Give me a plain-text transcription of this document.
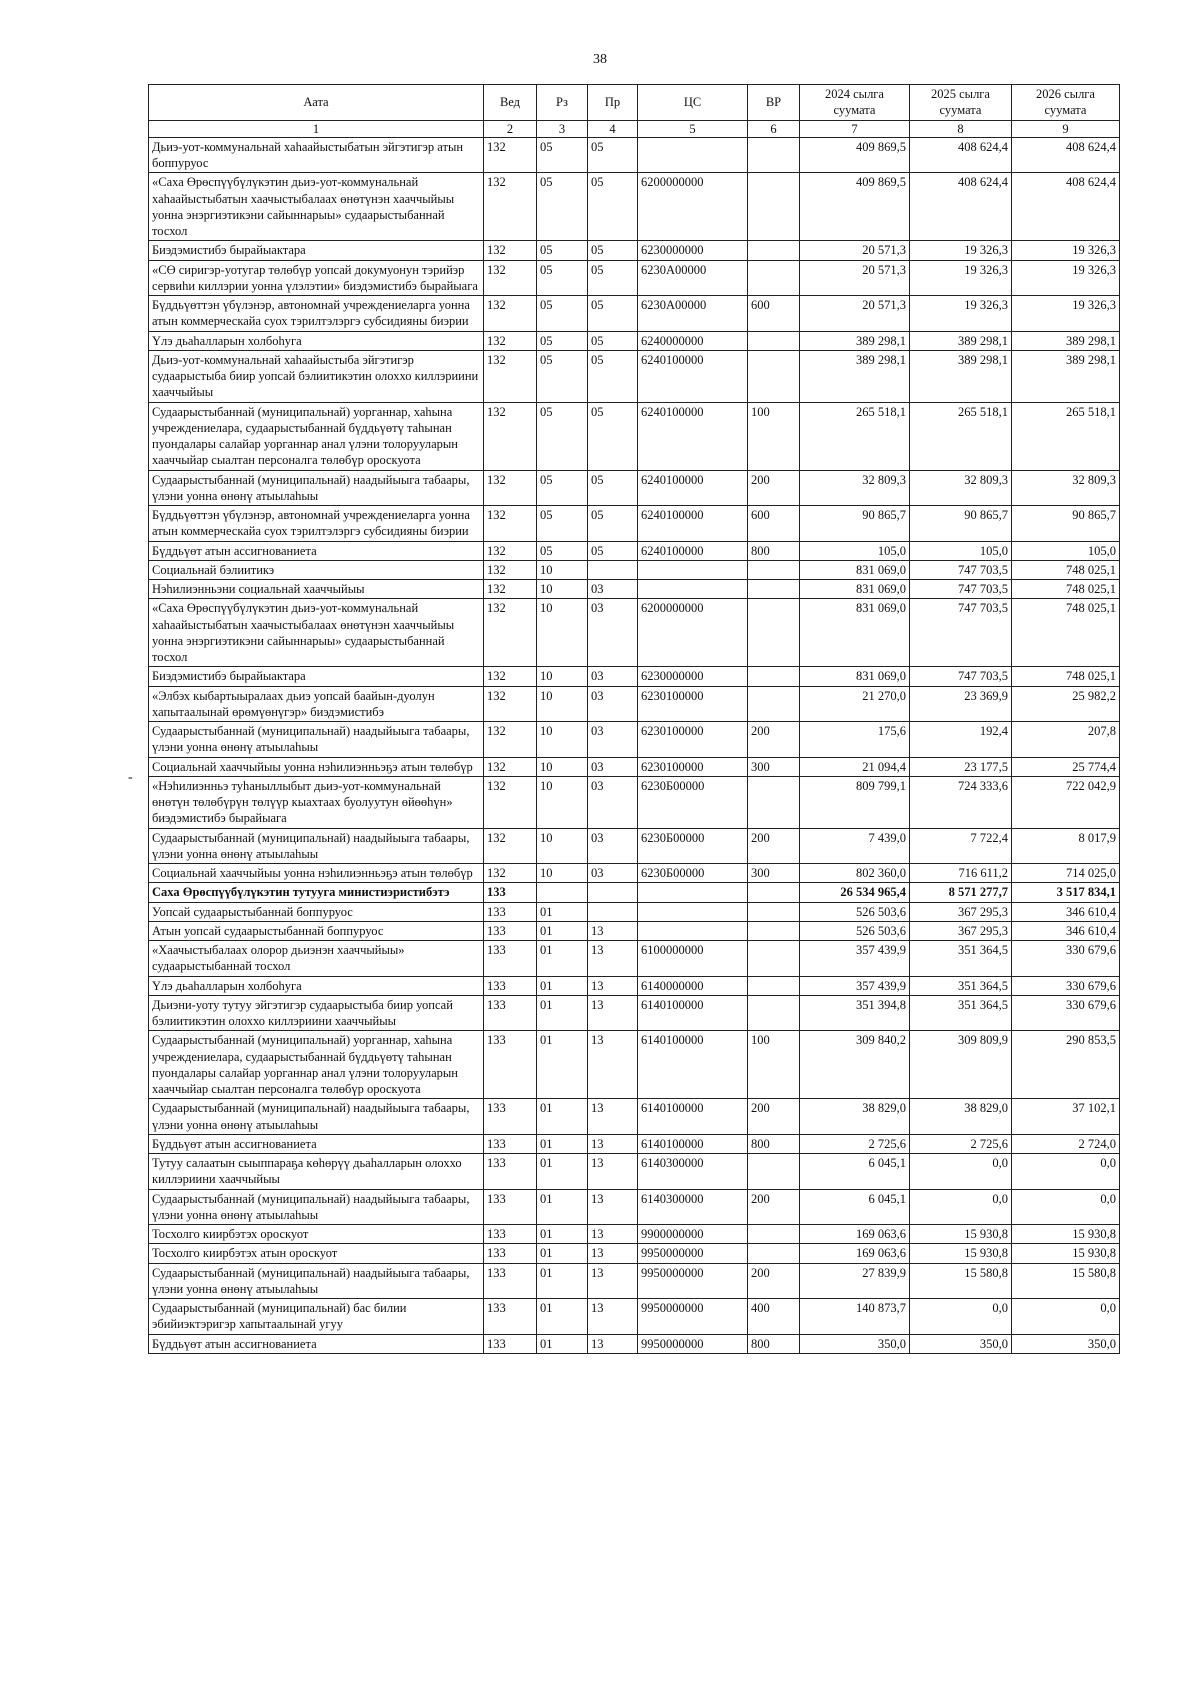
38
-
Аата	Вед	Рз	Пр	ЦС	ВР	2024 сылга суумата	2025 сылга суумата	2026 сылга суумата
1	2	3	4	5	6	7	8	9
Дьиэ-уот-коммунальнай хаһаайыстыбатын эйгэтигэр атын боппуруос	132	05	05			409 869,5	408 624,4	408 624,4
«Саха Өрөспүүбүлүкэтин дьиэ-уот-коммунальнай хаһаайыстыбатын хаачыстыбалаах өнөтүнэн хааччыйыы уонна энэргиэтикэни сайыннарыы» судаарыстыбаннай тосхол	132	05	05	6200000000		409 869,5	408 624,4	408 624,4
Биэдэмистибэ бырайыактара	132	05	05	6230000000		20 571,3	19 326,3	19 326,3
«СӨ сиригэр-уотугар төлөбүр уопсай докумуонун тэрийэр сервиһи киллэрии уонна үлэлэтии» биэдэмистибэ бырайыага	132	05	05	6230А00000		20 571,3	19 326,3	19 326,3
Бүддьүөттэн үбүлэнэр, автономнай учреждениеларга уонна атын коммерческайа суох тэрилтэлэргэ субсидияны биэрии	132	05	05	6230А00000	600	20 571,3	19 326,3	19 326,3
Үлэ дьаһалларын холбоһуга	132	05	05	6240000000		389 298,1	389 298,1	389 298,1
Дьиэ-уот-коммунальнай хаһаайыстыба эйгэтигэр судаарыстыба биир уопсай бэлиитикэтин олоххо киллэриини хааччыйыы	132	05	05	6240100000		389 298,1	389 298,1	389 298,1
Судаарыстыбаннай (муниципальнай) уорганнар, хаһына учреждениелара, судаарыстыбаннай бүддьүөтү таһынан пуондалары салайар уорганнар анал үлэни толорууларын хааччыйар сыалтан персоналга төлөбүр ороскуота	132	05	05	6240100000	100	265 518,1	265 518,1	265 518,1
Судаарыстыбаннай (муниципальнай) наадыйыыга табаары, үлэни уонна өнөнү атыылаһыы	132	05	05	6240100000	200	32 809,3	32 809,3	32 809,3
Бүддьүөттэн үбүлэнэр, автономнай учреждениеларга уонна атын коммерческайа суох тэрилтэлэргэ субсидияны биэрии	132	05	05	6240100000	600	90 865,7	90 865,7	90 865,7
Бүддьүөт атын ассигнованиета	132	05	05	6240100000	800	105,0	105,0	105,0
Социальнай бэлиитикэ	132	10				831 069,0	747 703,5	748 025,1
Нэһилиэнньэни социальнай хааччыйыы	132	10	03			831 069,0	747 703,5	748 025,1
«Саха Өрөспүүбүлүкэтин дьиэ-уот-коммунальнай хаһаайыстыбатын хаачыстыбалаах өнөтүнэн хааччыйыы уонна энэргиэтикэни сайыннарыы» судаарыстыбаннай тосхол	132	10	03	6200000000		831 069,0	747 703,5	748 025,1
Биэдэмистибэ бырайыактара	132	10	03	6230000000		831 069,0	747 703,5	748 025,1
«Элбэх кыбартыыралаах дьиэ уопсай баайын-дуолун хапытаалынай өрөмүөнүгэр» биэдэмистибэ	132	10	03	6230100000		21 270,0	23 369,9	25 982,2
Судаарыстыбаннай (муниципальнай) наадыйыыга табаары, үлэни уонна өнөнү атыылаһыы	132	10	03	6230100000	200	175,6	192,4	207,8
Социальнай хааччыйыы уонна нэһилиэнньэҕэ атын төлөбүр	132	10	03	6230100000	300	21 094,4	23 177,5	25 774,4
«Нэһилиэнньэ туһаныллыбыт дьиэ-уот-коммунальнай өнөтүн төлөбүрүн төлүүр кыахтаах буолуутун өйөөһүн» биэдэмистибэ бырайыага	132	10	03	6230Б00000		809 799,1	724 333,6	722 042,9
Судаарыстыбаннай (муниципальнай) наадыйыыга табаары, үлэни уонна өнөнү атыылаһыы	132	10	03	6230Б00000	200	7 439,0	7 722,4	8 017,9
Социальнай хааччыйыы уонна нэһилиэнньэҕэ атын төлөбүр	132	10	03	6230Б00000	300	802 360,0	716 611,2	714 025,0
Саха Өрөспүүбүлүкэтин тутууга министиэристибэтэ	133					26 534 965,4	8 571 277,7	3 517 834,1
Уопсай судаарыстыбаннай боппуруос	133	01				526 503,6	367 295,3	346 610,4
Атын уопсай судаарыстыбаннай боппуруос	133	01	13			526 503,6	367 295,3	346 610,4
«Хаачыстыбалаах олорор дьиэнэн хааччыйыы» судаарыстыбаннай тосхол	133	01	13	6100000000		357 439,9	351 364,5	330 679,6
Үлэ дьаһалларын холбоһуга	133	01	13	6140000000		357 439,9	351 364,5	330 679,6
Дьиэни-уоту тутуу эйгэтигэр судаарыстыба биир уопсай бэлиитикэтин олоххо киллэриини хааччыйыы	133	01	13	6140100000		351 394,8	351 364,5	330 679,6
Судаарыстыбаннай (муниципальнай) уорганнар, хаһына учреждениелара, судаарыстыбаннай бүддьүөтү таһынан пуондалары салайар уорганнар анал үлэни толорууларын хааччыйар сыалтан персоналга төлөбүр ороскуота	133	01	13	6140100000	100	309 840,2	309 809,9	290 853,5
Судаарыстыбаннай (муниципальнай) наадыйыыга табаары, үлэни уонна өнөнү атыылаһыы	133	01	13	6140100000	200	38 829,0	38 829,0	37 102,1
Бүддьүөт атын ассигнованиета	133	01	13	6140100000	800	2 725,6	2 725,6	2 724,0
Тутуу салаатын сыыппараҕа көһөрүү дьаһалларын олоххо киллэриини хааччыйыы	133	01	13	6140300000		6 045,1	0,0	0,0
Судаарыстыбаннай (муниципальнай) наадыйыыга табаары, үлэни уонна өнөнү атыылаһыы	133	01	13	6140300000	200	6 045,1	0,0	0,0
Тосхолго киирбэтэх ороскуот	133	01	13	9900000000		169 063,6	15 930,8	15 930,8
Тосхолго киирбэтэх атын ороскуот	133	01	13	9950000000		169 063,6	15 930,8	15 930,8
Судаарыстыбаннай (муниципальнай) наадыйыыга табаары, үлэни уонна өнөнү атыылаһыы	133	01	13	9950000000	200	27 839,9	15 580,8	15 580,8
Судаарыстыбаннай (муниципальнай) бас билии эбийиэктэригэр хапытаалынай угуу	133	01	13	9950000000	400	140 873,7	0,0	0,0
Бүддьүөт атын ассигнованиета	133	01	13	9950000000	800	350,0	350,0	350,0
